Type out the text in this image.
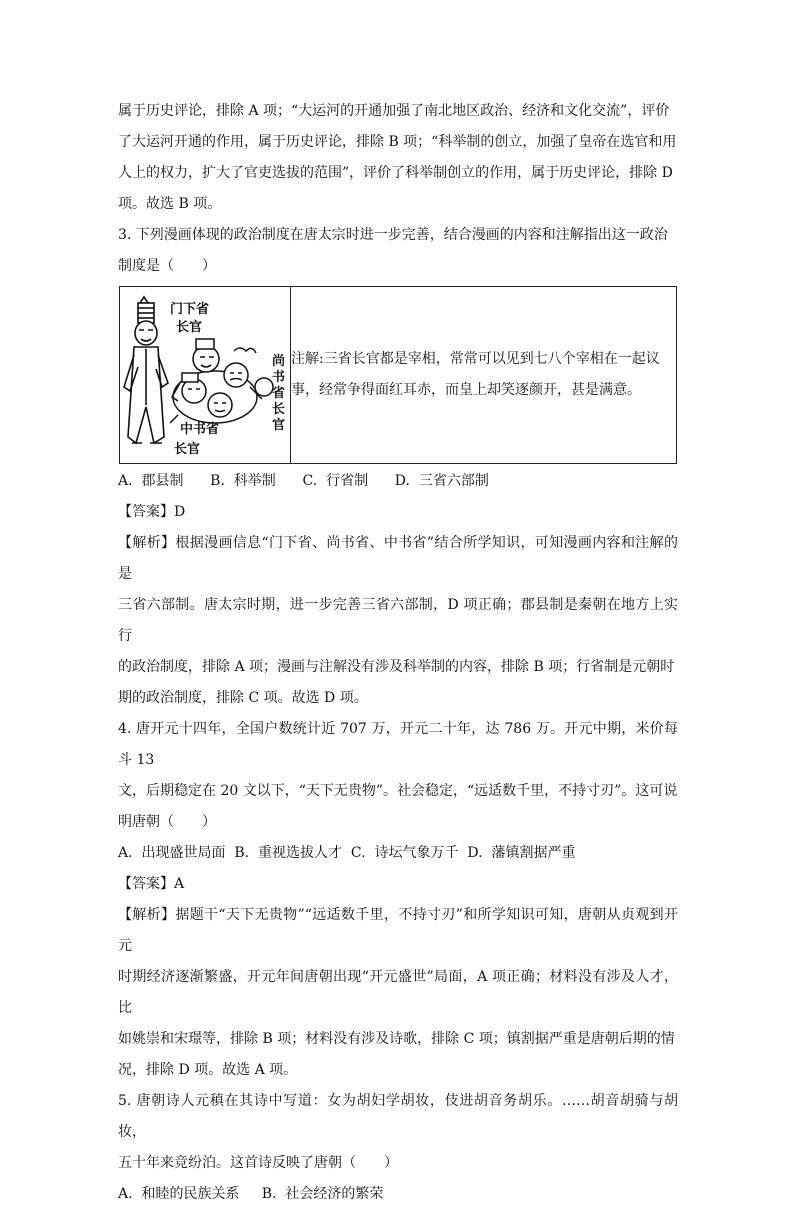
属于历史评论，排除 A 项；“大运河的开通加强了南北地区政治、经济和文化交流”，评价

了大运河开通的作用，属于历史评论，排除 B 项；“科举制的创立，加强了皇帝在选官和用

人上的权力，扩大了官吏选拔的范围”，评价了科举制创立的作用，属于历史评论，排除 D

项。故选 B 项。

3. 下列漫画体现的政治制度在唐太宗时进一步完善，结合漫画的内容和注解指出这一政治

制度是（　　）

门下省
长官
尚
书
省
长
官
中书省
长官

注解:三省长官都是宰相，常常可以见到七八个宰相在一起议
事，经常争得面红耳赤，而皇上却笑逐颜开，甚是满意。

A.  郡县制      B.  科举制      C.  行省制      D.  三省六部制

【答案】D

【解析】根据漫画信息“门下省、尚书省、中书省”结合所学知识，可知漫画内容和注解的是

三省六部制。唐太宗时期，进一步完善三省六部制，D 项正确；郡县制是秦朝在地方上实行

的政治制度，排除 A 项；漫画与注解没有涉及科举制的内容，排除 B 项；行省制是元朝时

期的政治制度，排除 C 项。故选 D 项。

4. 唐开元十四年，全国户数统计近 707 万，开元二十年，达 786 万。开元中期，米价每斗 13

文，后期稳定在 20 文以下，“天下无贵物”。社会稳定，“远适数千里，不持寸刃”。这可说

明唐朝（　　）

A.  出现盛世局面  B.  重视选拔人才  C.  诗坛气象万千  D.  藩镇割据严重

【答案】A

【解析】据题干“天下无贵物”“远适数千里，不持寸刃”和所学知识可知，唐朝从贞观到开元

时期经济逐渐繁盛，开元年间唐朝出现“开元盛世”局面，A 项正确；材料没有涉及人才，比

如姚崇和宋璟等，排除 B 项；材料没有涉及诗歌，排除 C 项；镇割据严重是唐朝后期的情

况，排除 D 项。故选 A 项。

5. 唐朝诗人元稹在其诗中写道：女为胡妇学胡妆，伎进胡音务胡乐。……胡音胡骑与胡妆，

五十年来竞纷泊。这首诗反映了唐朝（　　）

A.  和睦的民族关系     B.  社会经济的繁荣
